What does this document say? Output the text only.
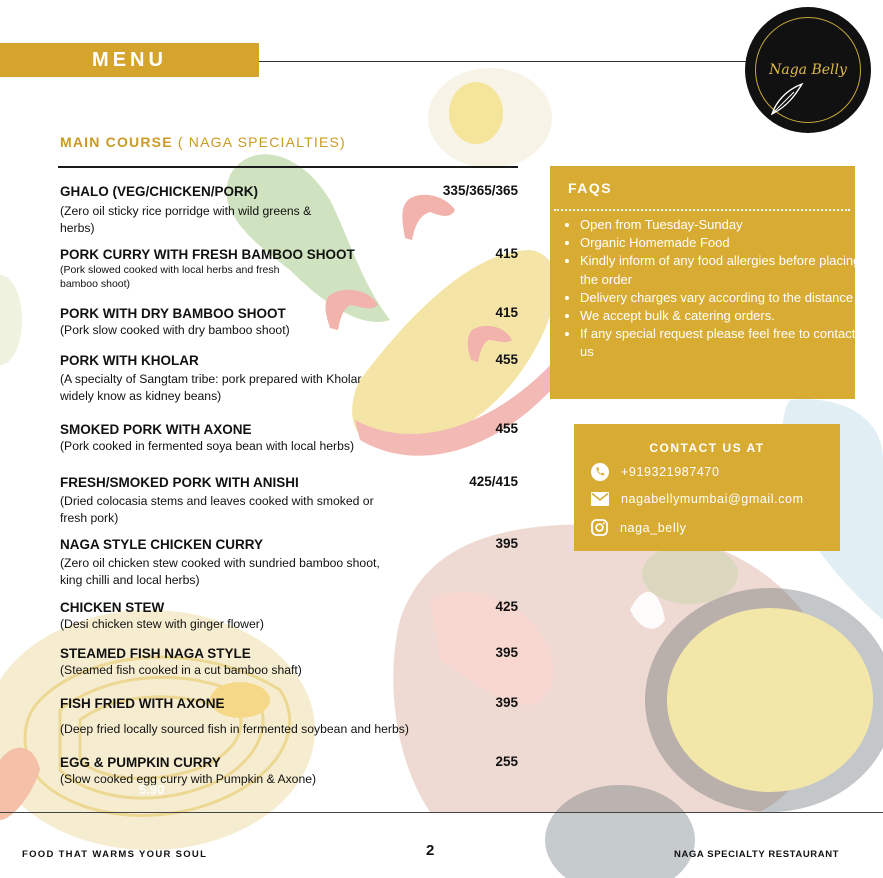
MENU	Naga Belly
MAIN COURSE ( NAGA SPECIALTIES)
GHALO (VEG/CHICKEN/PORK)	335/365/365
(Zero oil sticky rice porridge with wild greens &
herbs)
PORK CURRY WITH FRESH BAMBOO SHOOT	415
(Pork slowed cooked with local herbs and fresh
bamboo shoot)
PORK WITH DRY BAMBOO SHOOT	415
(Pork slow cooked with dry bamboo shoot)
PORK WITH KHOLAR	455
(A specialty of Sangtam tribe: pork prepared with Kholar
widely know as kidney beans)
SMOKED PORK WITH AXONE	455
(Pork cooked in fermented soya bean with local herbs)
FRESH/SMOKED PORK WITH ANISHI	425/415
(Dried colocasia stems and leaves cooked with smoked or
fresh pork)
NAGA STYLE CHICKEN CURRY	395
(Zero oil chicken stew cooked with sundried bamboo shoot,
king chilli and local herbs)
CHICKEN STEW	425
(Desi chicken stew with ginger flower)
STEAMED FISH NAGA STYLE	395
(Steamed fish cooked in a cut bamboo shaft)
FISH FRIED WITH AXONE	395
(Deep fried locally sourced fish in fermented soybean and herbs)
EGG & PUMPKIN CURRY	255
(Slow cooked egg curry with Pumpkin & Axone)
5.90
FAQS
• Open from Tuesday-Sunday
• Organic Homemade Food
• Kindly inform of any food allergies before placing the order
• Delivery charges vary according to the distance
• We accept bulk & catering orders.
• If any special request please feel free to contact us
CONTACT US AT
+919321987470
nagabellymumbai@gmail.com
naga_belly
FOOD THAT WARMS YOUR SOUL	2	NAGA SPECIALTY RESTAURANT
